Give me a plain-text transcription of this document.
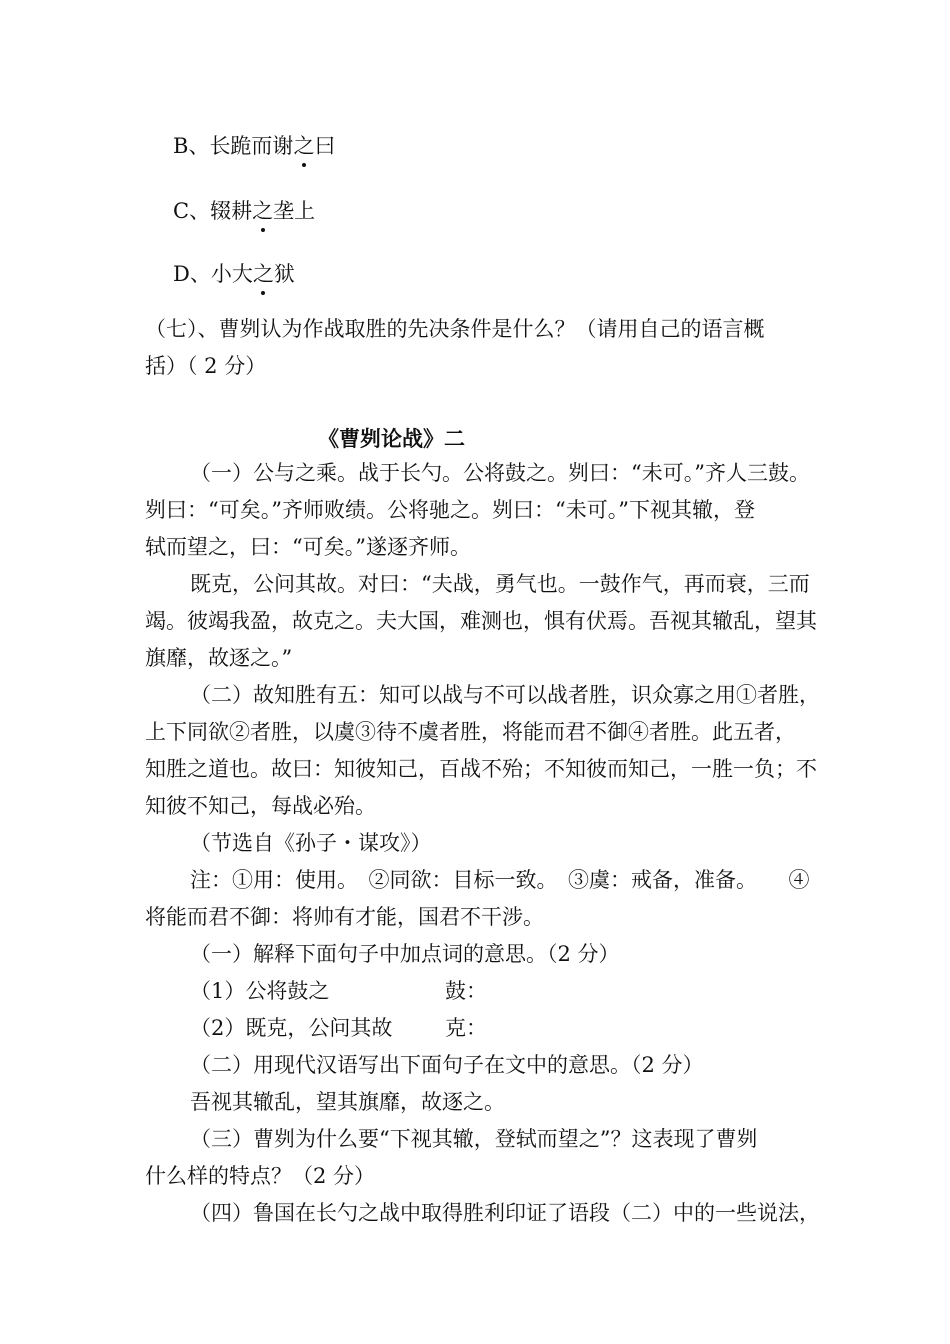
B、长跪而谢之曰
C、辍耕之垄上
D、小大之狱
（七）、曹刿认为作战取胜的先决条件是什么？（请用自己的语言概
括）（ 2 分）
《曹刿论战》二
（一）公与之乘。战于长勺。公将鼓之。刿曰：“未可。”齐人三鼓。
刿曰：“可矣。”齐师败绩。公将驰之。刿曰：“未可。”下视其辙，登
轼而望之，曰：“可矣。”遂逐齐师。
既克，公问其故。对曰：“夫战，勇气也。一鼓作气，再而衰，三而
竭。彼竭我盈，故克之。夫大国，难测也，惧有伏焉。吾视其辙乱，望其
旗靡，故逐之。”
（二）故知胜有五：知可以战与不可以战者胜，识众寡之用①者胜，
上下同欲②者胜，以虞③待不虞者胜，将能而君不御④者胜。此五者，
知胜之道也。故曰：知彼知己，百战不殆；不知彼而知己，一胜一负；不
知彼不知己，每战必殆。
（节选自《孙子・谋攻》）
注：①用：使用。　②同欲：目标一致。　③虞：戒备，准备。　　④
将能而君不御：将帅有才能，国君不干涉。
（一）解释下面句子中加点词的意思。（2 分）
（1）公将鼓之	鼓：
（2）既克，公问其故	克：
（二）用现代汉语写出下面句子在文中的意思。（2 分）
吾视其辙乱，望其旗靡，故逐之。
（三）曹刿为什么要“下视其辙，登轼而望之”？这表现了曹刿
什么样的特点？（2 分）
（四）鲁国在长勺之战中取得胜利印证了语段（二）中的一些说法，
